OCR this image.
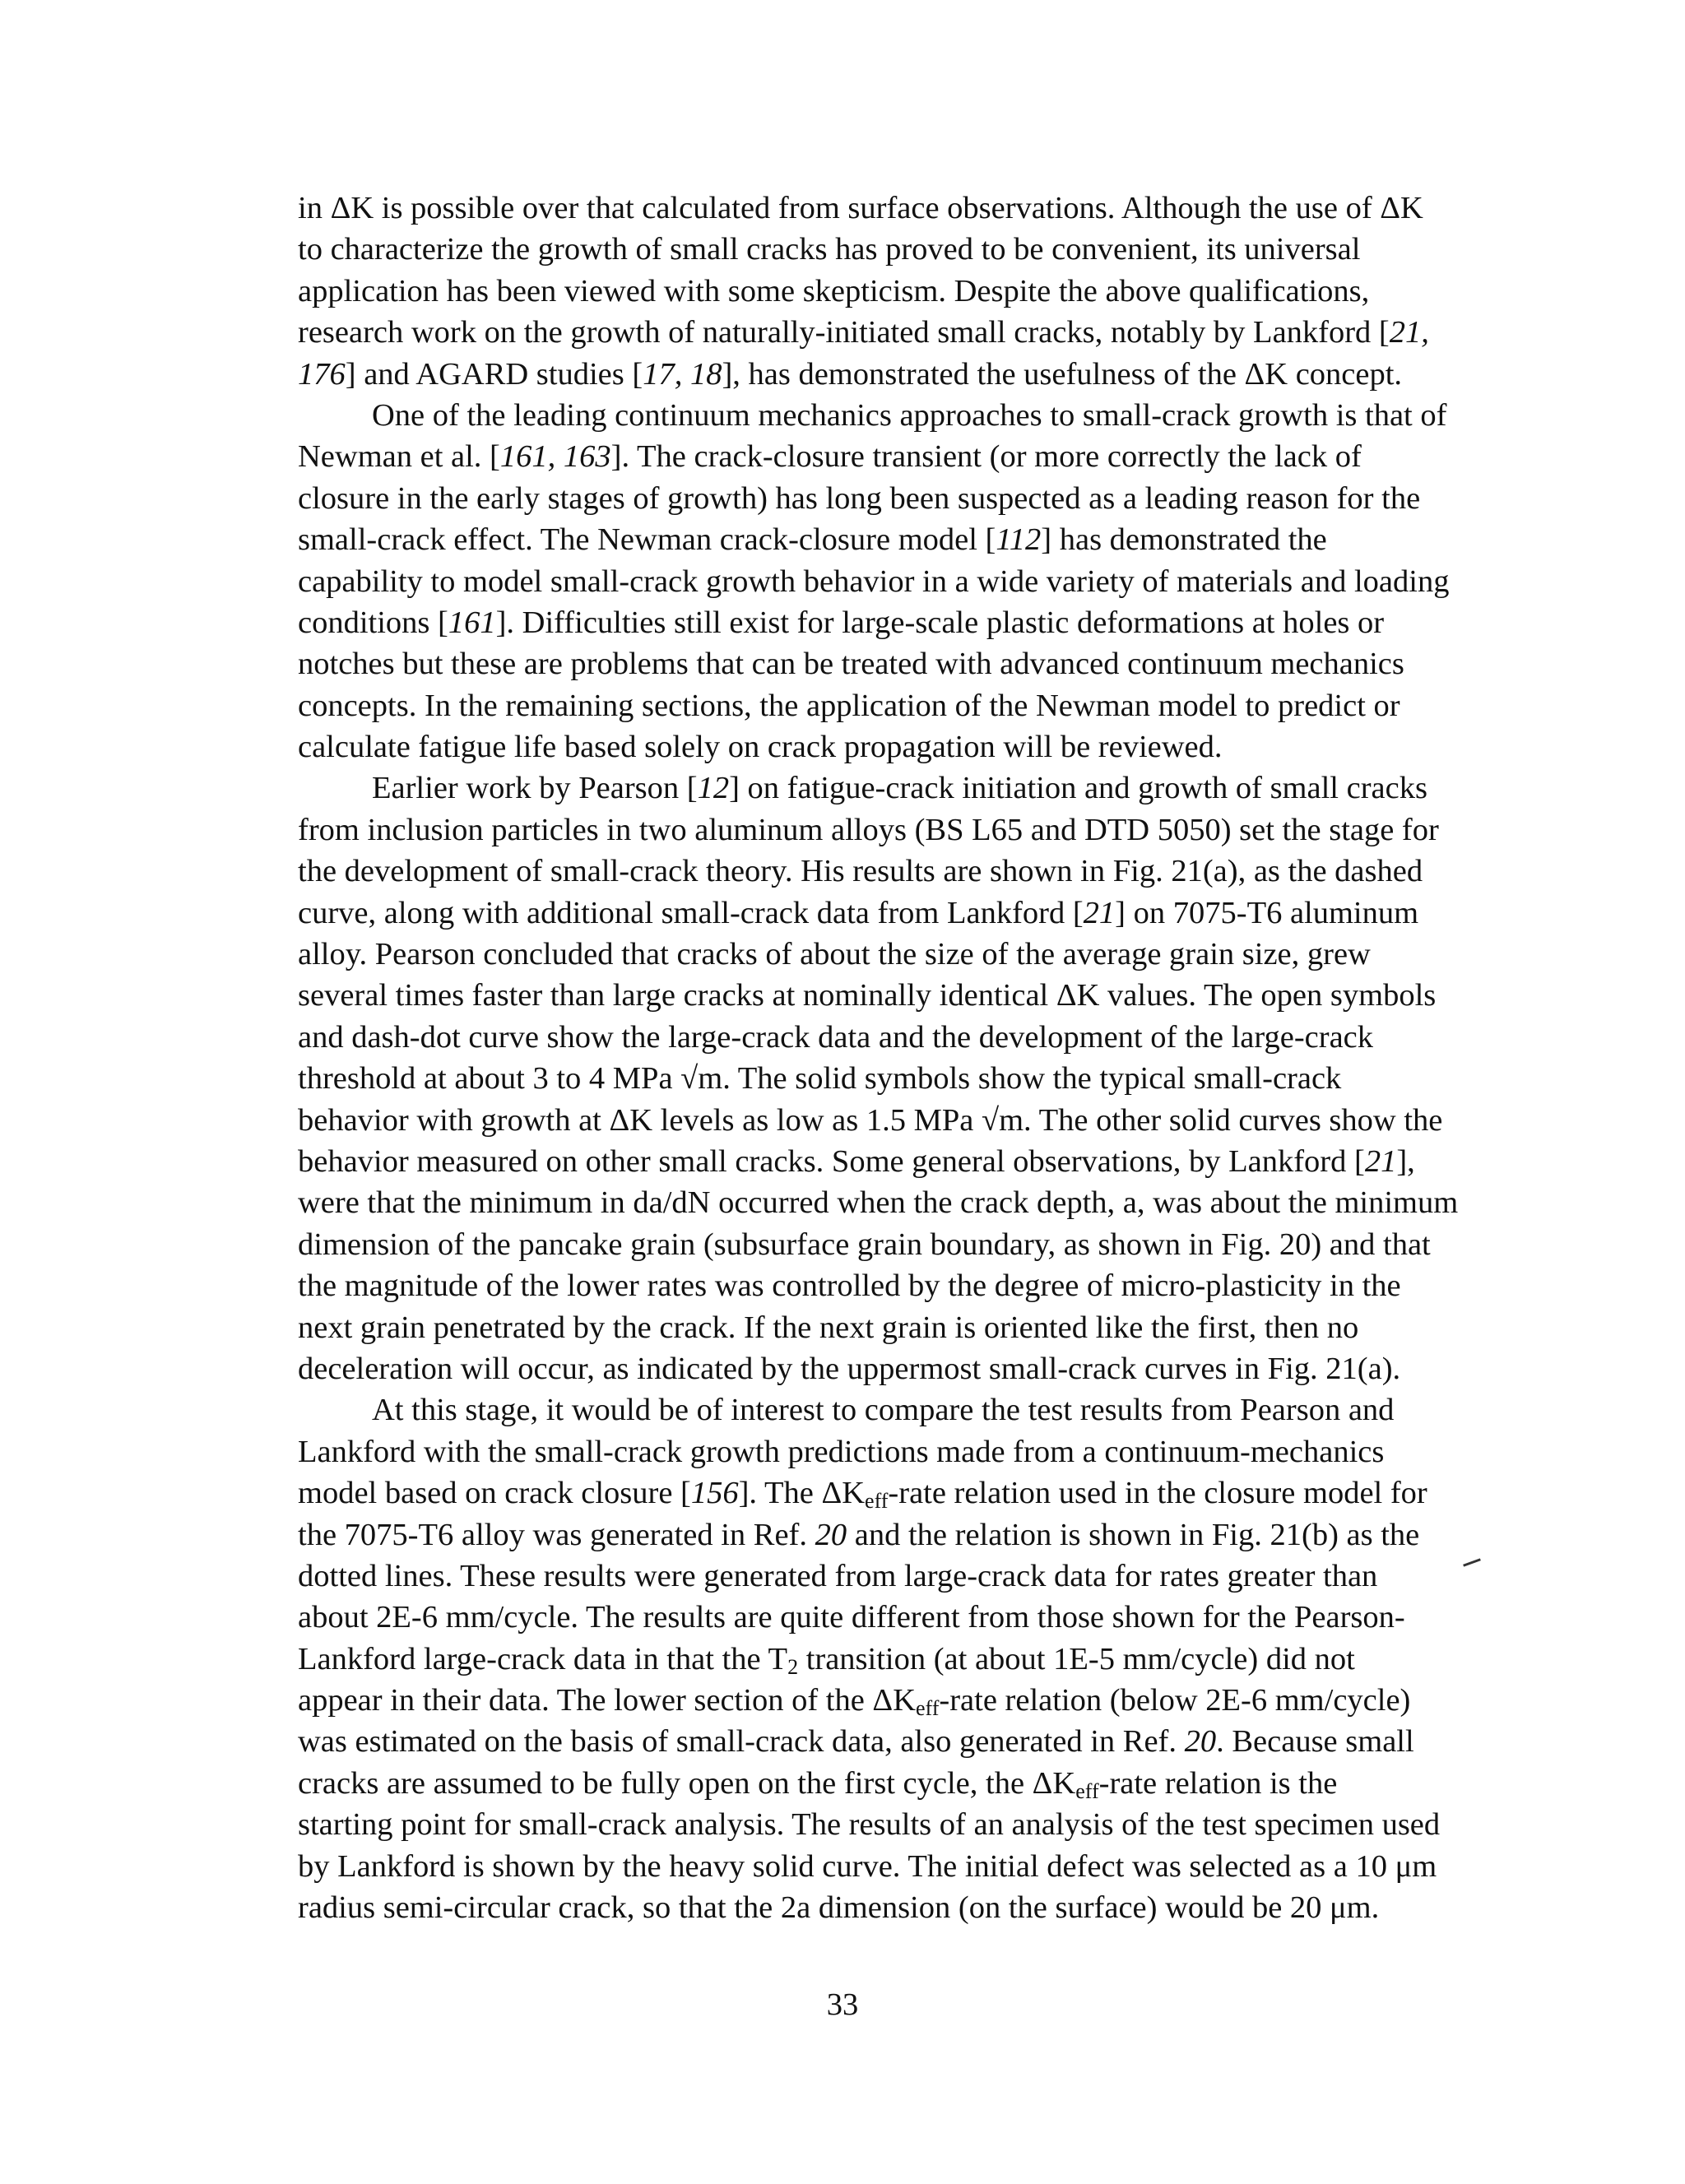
in ΔK is possible over that calculated from surface observations. Although the use of ΔK
to characterize the growth of small cracks has proved to be convenient, its universal
application has been viewed with some skepticism. Despite the above qualifications,
research work on the growth of naturally-initiated small cracks, notably by Lankford [21,
176] and AGARD studies [17, 18], has demonstrated the usefulness of the ΔK concept.
One of the leading continuum mechanics approaches to small-crack growth is that of
Newman et al. [161, 163]. The crack-closure transient (or more correctly the lack of
closure in the early stages of growth) has long been suspected as a leading reason for the
small-crack effect. The Newman crack-closure model [112] has demonstrated the
capability to model small-crack growth behavior in a wide variety of materials and loading
conditions [161]. Difficulties still exist for large-scale plastic deformations at holes or
notches but these are problems that can be treated with advanced continuum mechanics
concepts. In the remaining sections, the application of the Newman model to predict or
calculate fatigue life based solely on crack propagation will be reviewed.
Earlier work by Pearson [12] on fatigue-crack initiation and growth of small cracks
from inclusion particles in two aluminum alloys (BS L65 and DTD 5050) set the stage for
the development of small-crack theory. His results are shown in Fig. 21(a), as the dashed
curve, along with additional small-crack data from Lankford [21] on 7075-T6 aluminum
alloy. Pearson concluded that cracks of about the size of the average grain size, grew
several times faster than large cracks at nominally identical ΔK values. The open symbols
and dash-dot curve show the large-crack data and the development of the large-crack
threshold at about 3 to 4 MPa √m. The solid symbols show the typical small-crack
behavior with growth at ΔK levels as low as 1.5 MPa √m. The other solid curves show the
behavior measured on other small cracks. Some general observations, by Lankford [21],
were that the minimum in da/dN occurred when the crack depth, a, was about the minimum
dimension of the pancake grain (subsurface grain boundary, as shown in Fig. 20) and that
the magnitude of the lower rates was controlled by the degree of micro-plasticity in the
next grain penetrated by the crack. If the next grain is oriented like the first, then no
deceleration will occur, as indicated by the uppermost small-crack curves in Fig. 21(a).
At this stage, it would be of interest to compare the test results from Pearson and
Lankford with the small-crack growth predictions made from a continuum-mechanics
model based on crack closure [156]. The $\Delta K_{eff}$-rate relation used in the closure model for
the 7075-T6 alloy was generated in Ref. 20 and the relation is shown in Fig. 21(b) as the
dotted lines. These results were generated from large-crack data for rates greater than
about 2E-6 mm/cycle. The results are quite different from those shown for the Pearson-
Lankford large-crack data in that the $T_2$ transition (at about 1E-5 mm/cycle) did not
appear in their data. The lower section of the $\Delta K_{eff}$-rate relation (below 2E-6 mm/cycle)
was estimated on the basis of small-crack data, also generated in Ref. 20. Because small
cracks are assumed to be fully open on the first cycle, the $\Delta K_{eff}$-rate relation is the
starting point for small-crack analysis. The results of an analysis of the test specimen used
by Lankford is shown by the heavy solid curve. The initial defect was selected as a 10 μm
radius semi-circular crack, so that the 2a dimension (on the surface) would be 20 μm.
33
